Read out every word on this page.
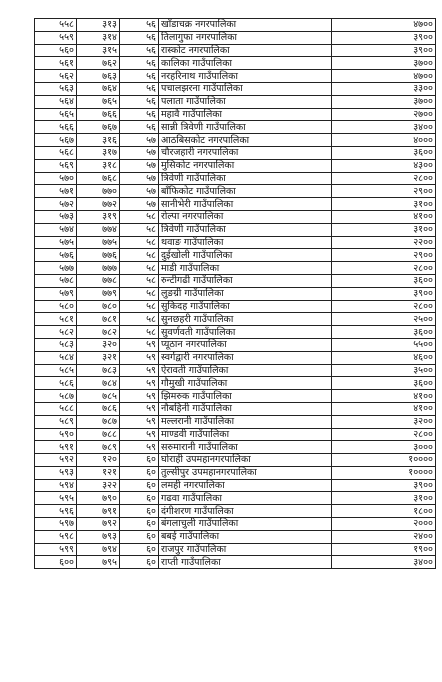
५५८	३१३	५६	खाँडाचक्र नगरपालिका	४७००
५५९	३१४	५६	तिलागुफा नगरपालिका	३९००
५६०	३१५	५६	रास्कोट नगरपालिका	३९००
५६१	७६२	५६	कालिका गाउँपालिका	३७००
५६२	७६३	५६	नरहरिनाथ गाउँपालिका	४७००
५६३	७६४	५६	पचालझरना गाउँपालिका	३३००
५६४	७६५	५६	पलाता गाउँपालिका	३७००
५६५	७६६	५६	महावै गाउँपालिका	२७००
५६६	७६७	५६	सान्नी त्रिवेणी गाउँपालिका	३४००
५६७	३१६	५७	आठबिसकोट नगरपालिका	४०००
५६८	३१७	५७	चौरजहारी नगरपालिका	३६००
५६९	३१८	५७	मुसिकोट नगरपालिका	४३००
५७०	७६८	५७	त्रिवेणी गाउँपालिका	२८००
५७१	७७०	५७	बाँफिकोट गाउँपालिका	२९००
५७२	७७२	५७	सानीभेरी गाउँपालिका	३१००
५७३	३१९	५८	रोल्पा नगरपालिका	४१००
५७४	७७४	५८	त्रिवेणी गाउँपालिका	३१००
५७५	७७५	५८	थवाङ गाउँपालिका	२२००
५७६	७७६	५८	दुईखोली गाउँपालिका	२९००
५७७	७७७	५८	माडी गाउँपालिका	२८००
५७८	७७८	५८	रुन्टीगढी गाउँपालिका	३६००
५७९	७७९	५८	लुङग्री गाउँपालिका	३९००
५८०	७८०	५८	सुकिदह गाउँपालिका	२८००
५८१	७८१	५८	सुनछहरी गाउँपालिका	२५००
५८२	७८२	५८	सुवर्णवती गाउँपालिका	३६००
५८३	३२०	५९	प्यूठान नगरपालिका	५५००
५८४	३२१	५९	स्वर्गद्वारी नगरपालिका	४६००
५८५	७८३	५९	ऐरावती गाउँपालिका	३५००
५८६	७८४	५९	गौमुखी गाउँपालिका	३६००
५८७	७८५	५९	झिमरुक गाउँपालिका	४१००
५८८	७८६	५९	नौबहिनी गाउँपालिका	४१००
५८९	७८७	५९	मल्लरानी गाउँपालिका	३२००
५९०	७८८	५९	माण्डवी गाउँपालिका	२८००
५९१	७८९	५९	सरुमारानी गाउँपालिका	३०००
५९२	१२०	६०	घोराही उपमहानगरपालिका	१००००
५९३	१२१	६०	तुल्सीपुर उपमहानगरपालिका	१००००
५९४	३२२	६०	लमही नगरपालिका	३९००
५९५	७९०	६०	गढवा गाउँपालिका	३१००
५९६	७९१	६०	दंगीशरण गाउँपालिका	१८००
५९७	७९२	६०	बंगलाचुली गाउँपालिका	२०००
५९८	७९३	६०	बबई गाउँपालिका	२४००
५९९	७९४	६०	राजपुर गाउँपालिका	१९००
६००	७९५	६०	राप्ती गाउँपालिका	३४००
